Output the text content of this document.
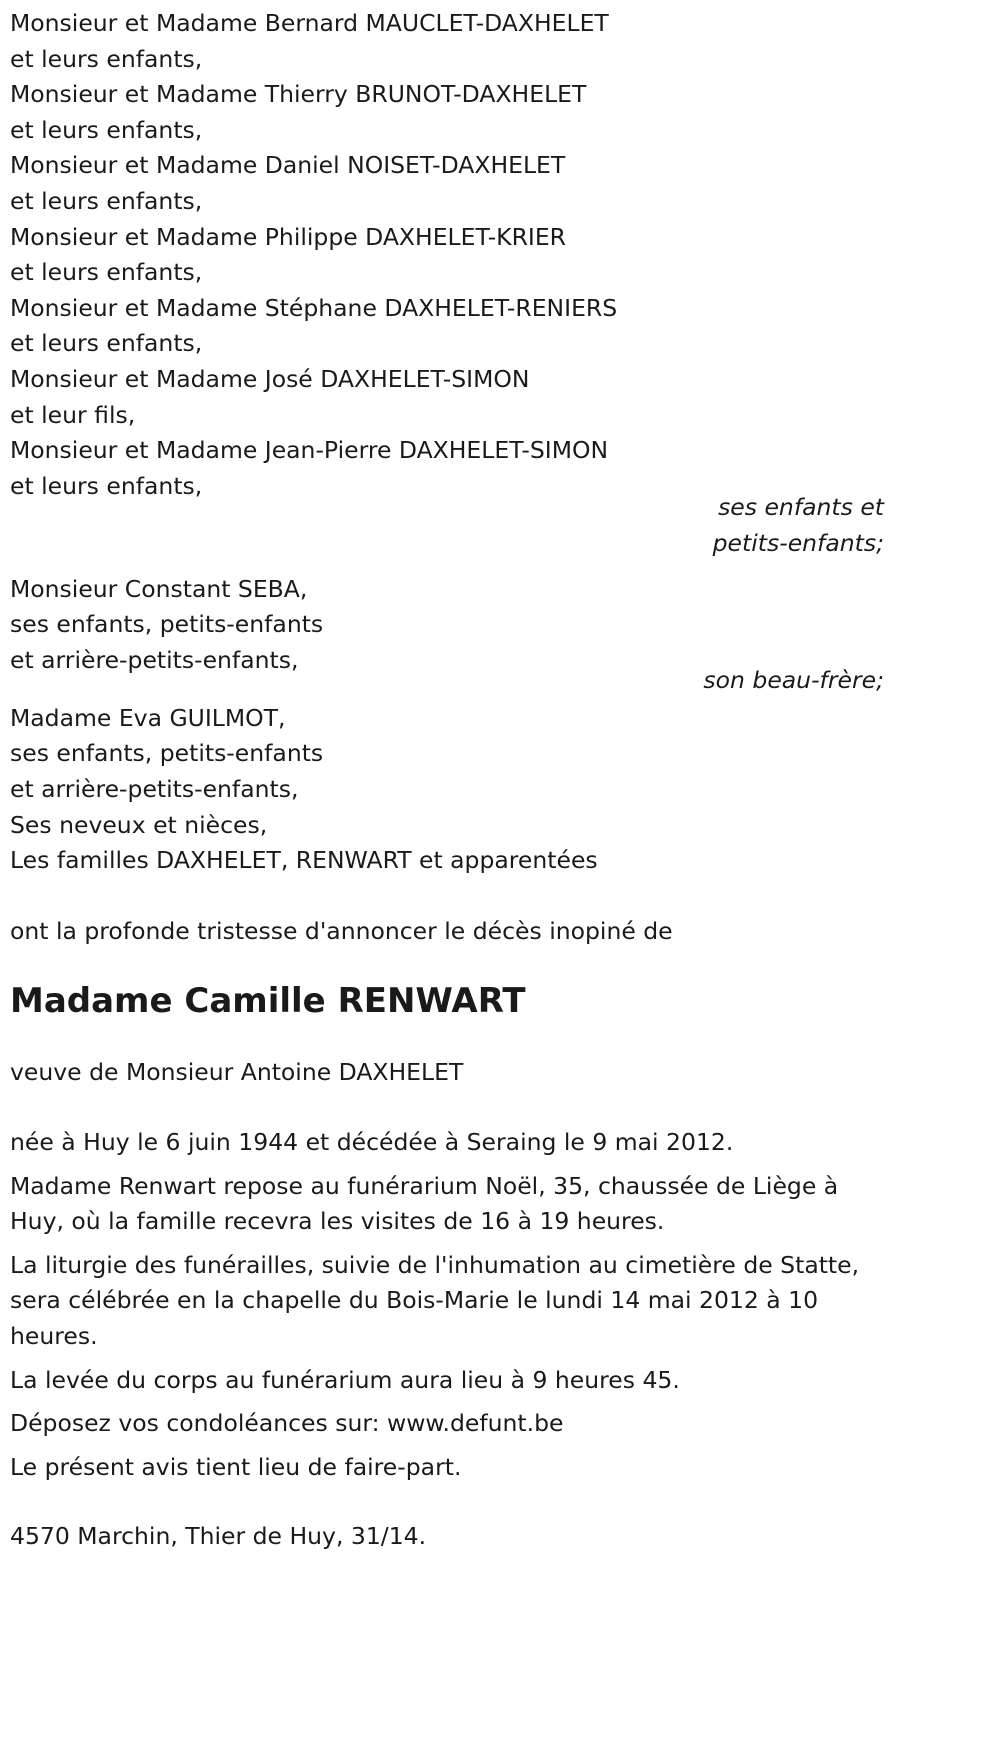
Monsieur et Madame Bernard MAUCLET-DAXHELET
et leurs enfants,
Monsieur et Madame Thierry BRUNOT-DAXHELET
et leurs enfants,
Monsieur et Madame Daniel NOISET-DAXHELET
et leurs enfants,
Monsieur et Madame Philippe DAXHELET-KRIER
et leurs enfants,
Monsieur et Madame Stéphane DAXHELET-RENIERS
et leurs enfants,
Monsieur et Madame José DAXHELET-SIMON
et leur fils,
Monsieur et Madame Jean-Pierre DAXHELET-SIMON
et leurs enfants,
ses enfants et
petits-enfants;
Monsieur Constant SEBA,
ses enfants, petits-enfants
et arrière-petits-enfants,
son beau-frère;
Madame Eva GUILMOT,
ses enfants, petits-enfants
et arrière-petits-enfants,
Ses neveux et nièces,
Les familles DAXHELET, RENWART et apparentées
ont la profonde tristesse d'annoncer le décès inopiné de
Madame Camille RENWART
veuve de Monsieur Antoine DAXHELET
née à Huy le 6 juin 1944 et décédée à Seraing le 9 mai 2012.
Madame Renwart repose au funérarium Noël, 35, chaussée de Liège à Huy, où la famille recevra les visites de 16 à 19 heures.
La liturgie des funérailles, suivie de l'inhumation au cimetière de Statte, sera célébrée en la chapelle du Bois-Marie le lundi 14 mai 2012 à 10 heures.
La levée du corps au funérarium aura lieu à 9 heures 45.
Déposez vos condoléances sur: www.defunt.be
Le présent avis tient lieu de faire-part.
4570 Marchin, Thier de Huy, 31/14.
